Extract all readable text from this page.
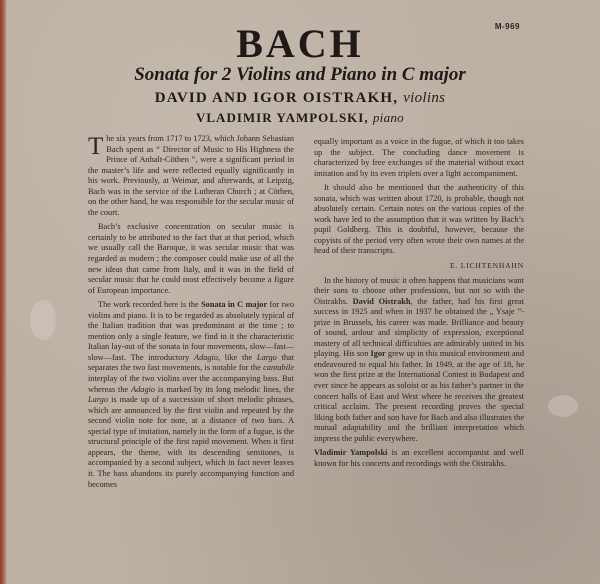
M-969
BACH
Sonata for 2 Violins and Piano in C major
DAVID AND IGOR OISTRAKH, violins
VLADIMIR YAMPOLSKI, piano

The six years from 1717 to 1723, which Johann Sebastian Bach spent as “ Director of Music to His Highness the Prince of Anhalt-Cöthen ”, were a significant period in the master’s life and were reflected equally significantly in his work. Previously, at Weimar, and afterwards, at Leipzig, Bach was in the service of the Lutheran Church ; at Cöthen, on the other hand, he was responsible for the secular music of the court.

Bach’s exclusive concentration on secular music is certainly to be attributed to the fact that at that period, which we usually call the Baroque, it was secular music that was regarded as modern ; the composer could make use of all the new ideas that came from Italy, and it was in the field of secular music that he could most effectively become a figure of European importance.

The work recorded here is the Sonata in C major for two violins and piano. It is to be regarded as absolutely typical of the Italian tradition that was predominant at the time ; to mention only a single feature, we find in it the characteristic Italian lay-out of the sonata in four movements, slow—fast—slow—fast. The introductory Adagio, like the Largo that separates the two fast movements, is notable for the cantabile interplay of the two violins over the accompanying bass. But whereas the Adagio is marked by its long melodic lines, the Largo is made up of a succession of short melodic phrases, which are announced by the first violin and repeated by the second violin note for note, at a distance of two bars. A special type of imitation, namely in the form of a fugue, is the structural principle of the first rapid movement. When it first appears, the theme, with its descending semitones, is accompanied by a second subject, which in fact never leaves it. The bass abandons its purely accompanying function and becomes

equally important as a voice in the fugue, of which it too takes up the subject. The concluding dance movement is characterized by free exchanges of the material without exact imitation and by its even triplets over a light accompaniment.

It should also be mentioned that the authenticity of this sonata, which was written about 1720, is probable, though not absolutely certain. Certain notes on the various copies of the work have led to the assumption that it was written by Bach’s pupil Goldberg. This is doubtful, however, because the copyists of the period very often wrote their own names at the head of their transcripts.

E. LICHTENHAHN

In the history of music it often happens that musicians want their sons to choose other professions, but not so with the Oistrakhs. David Oistrakh, the father, had his first great success in 1925 and when in 1937 he obtained the „ Ysaje ”-prize in Brussels, his career was made. Brilliance and beauty of sound, ardour and simplicity of expression, exceptional mastery of all technical difficulties are admirably united in his playing. His son Igor grew up in this musical environment and endeavoured to equal his father. In 1949, at the age of 18, he won the first prize at the International Contest in Budapest and ever since he appears as soloist or as his father’s partner in the concert halls of East and West where he receives the greatest critical acclaim. The present recording proves the special liking both father and son have for Bach and also illustrates the mutual adaptability and the brilliant interpretation which impress the public everywhere.

Vladimir Yampolski is an excellent accompanist and well known for his concerts and recordings with the Oistrakhs.
